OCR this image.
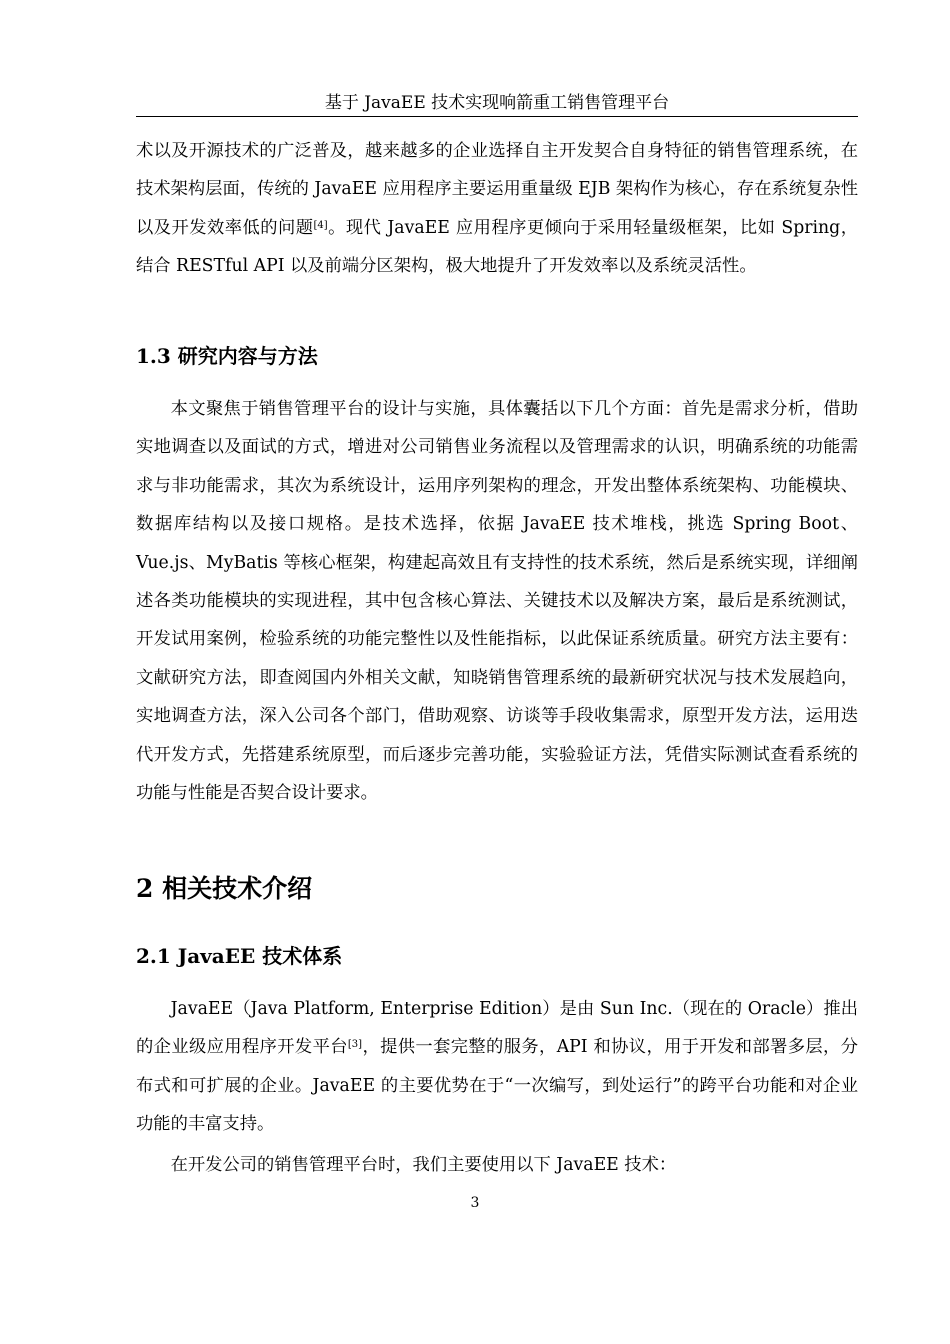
基于 JavaEE 技术实现响箭重工销售管理平台

术以及开源技术的广泛普及，越来越多的企业选择自主开发契合自身特征的销售管理系统，在技术架构层面，传统的 JavaEE 应用程序主要运用重量级 EJB 架构作为核心，存在系统复杂性以及开发效率低的问题[4]。现代 JavaEE 应用程序更倾向于采用轻量级框架，比如 Spring，结合 RESTful API 以及前端分区架构，极大地提升了开发效率以及系统灵活性。

1.3 研究内容与方法

本文聚焦于销售管理平台的设计与实施，具体囊括以下几个方面：首先是需求分析，借助实地调查以及面试的方式，增进对公司销售业务流程以及管理需求的认识，明确系统的功能需求与非功能需求，其次为系统设计，运用序列架构的理念，开发出整体系统架构、功能模块、数据库结构以及接口规格。是技术选择，依据 JavaEE 技术堆栈，挑选 Spring Boot、Vue.js、MyBatis 等核心框架，构建起高效且有支持性的技术系统，然后是系统实现，详细阐述各类功能模块的实现进程，其中包含核心算法、关键技术以及解决方案，最后是系统测试，开发试用案例，检验系统的功能完整性以及性能指标，以此保证系统质量。研究方法主要有：文献研究方法，即查阅国内外相关文献，知晓销售管理系统的最新研究状况与技术发展趋向，实地调查方法，深入公司各个部门，借助观察、访谈等手段收集需求，原型开发方法，运用迭代开发方式，先搭建系统原型，而后逐步完善功能，实验验证方法，凭借实际测试查看系统的功能与性能是否契合设计要求。

2 相关技术介绍
2.1 JavaEE 技术体系

JavaEE（Java Platform, Enterprise Edition）是由 Sun Inc.（现在的 Oracle）推出的企业级应用程序开发平台[3]，提供一套完整的服务，API 和协议，用于开发和部署多层，分布式和可扩展的企业。JavaEE 的主要优势在于“一次编写，到处运行”的跨平台功能和对企业功能的丰富支持。

在开发公司的销售管理平台时，我们主要使用以下 JavaEE 技术：

3
